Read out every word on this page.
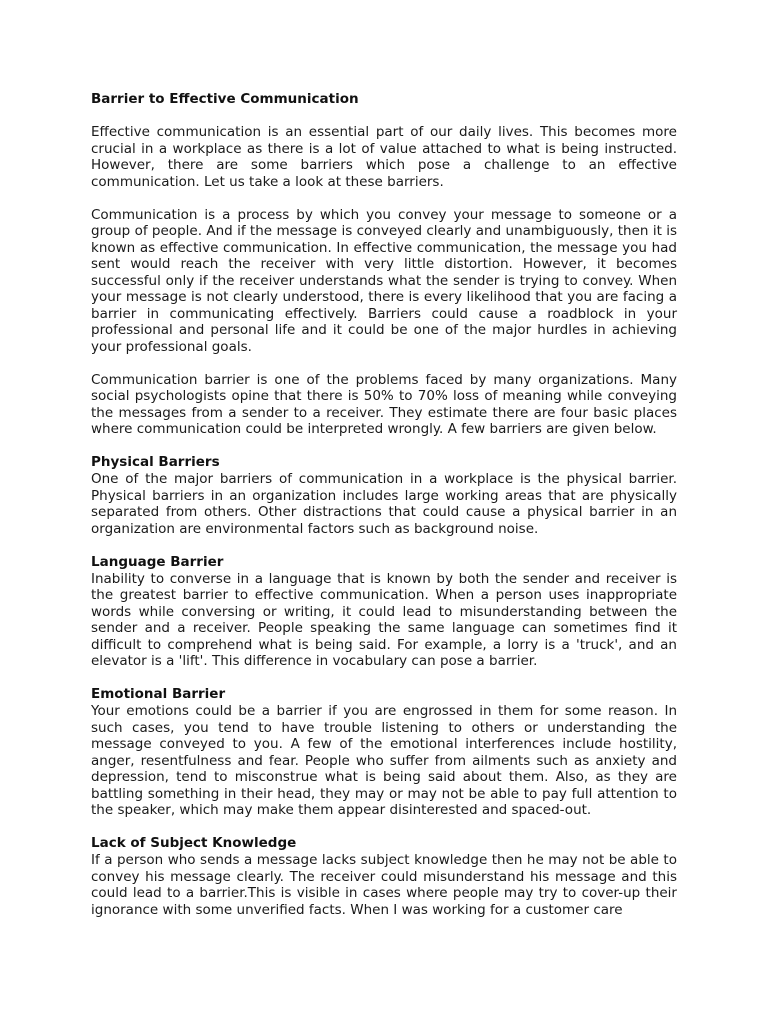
Barrier to Effective Communication

Effective communication is an essential part of our daily lives. This becomes more crucial in a workplace as there is a lot of value attached to what is being instructed. However, there are some barriers which pose a challenge to an effective communication. Let us take a look at these barriers.

Communication is a process by which you convey your message to someone or a group of people. And if the message is conveyed clearly and unambiguously, then it is known as effective communication. In effective communication, the message you had sent would reach the receiver with very little distortion. However, it becomes successful only if the receiver understands what the sender is trying to convey. When your message is not clearly understood, there is every likelihood that you are facing a barrier in communicating effectively. Barriers could cause a roadblock in your professional and personal life and it could be one of the major hurdles in achieving your professional goals.

Communication barrier is one of the problems faced by many organizations. Many social psychologists opine that there is 50% to 70% loss of meaning while conveying the messages from a sender to a receiver. They estimate there are four basic places where communication could be interpreted wrongly. A few barriers are given below.

Physical Barriers

One of the major barriers of communication in a workplace is the physical barrier. Physical barriers in an organization includes large working areas that are physically separated from others. Other distractions that could cause a physical barrier in an organization are environmental factors such as background noise.

Language Barrier

Inability to converse in a language that is known by both the sender and receiver is the greatest barrier to effective communication. When a person uses inappropriate words while conversing or writing, it could lead to misunderstanding between the sender and a receiver. People speaking the same language can sometimes find it difficult to comprehend what is being said. For example, a lorry is a 'truck', and an elevator is a 'lift'. This difference in vocabulary can pose a barrier.

Emotional Barrier

Your emotions could be a barrier if you are engrossed in them for some reason. In such cases, you tend to have trouble listening to others or understanding the message conveyed to you. A few of the emotional interferences include hostility, anger, resentfulness and fear. People who suffer from ailments such as anxiety and depression, tend to misconstrue what is being said about them. Also, as they are battling something in their head, they may or may not be able to pay full attention to the speaker, which may make them appear disinterested and spaced-out.

Lack of Subject Knowledge

If a person who sends a message lacks subject knowledge then he may not be able to convey his message clearly. The receiver could misunderstand his message and this could lead to a barrier.This is visible in cases where people may try to cover-up their ignorance with some unverified facts. When I was working for a customer care
